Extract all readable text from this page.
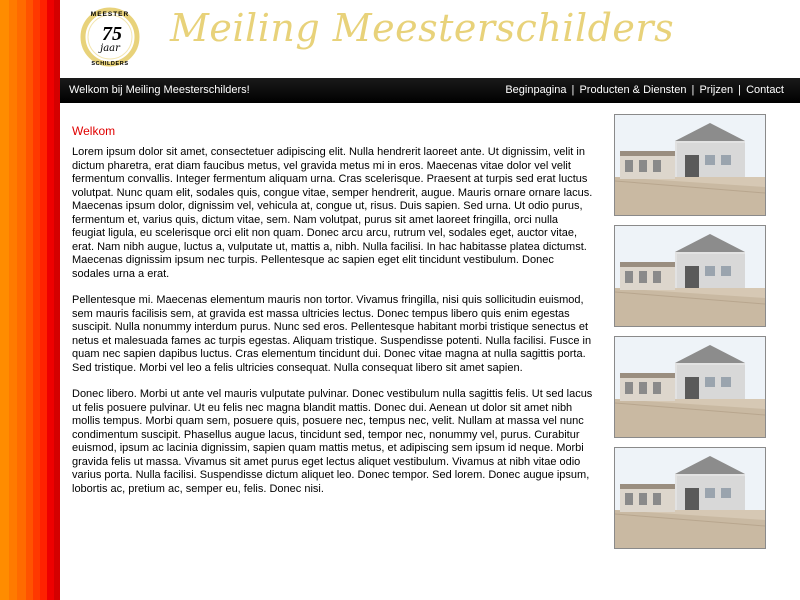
MEESTER
75
jaar
SCHILDERS
Meiling Meesterschilders
Welkom bij Meiling Meesterschilders!	Beginpagina | Producten & Diensten | Prijzen | Contact
Welkom

Lorem ipsum dolor sit amet, consectetuer adipiscing elit. Nulla hendrerit laoreet ante. Ut dignissim, velit in dictum pharetra, erat diam faucibus metus, vel gravida metus mi in eros. Maecenas vitae dolor vel velit fermentum convallis. Integer fermentum aliquam urna. Cras scelerisque. Praesent at turpis sed erat luctus volutpat. Nunc quam elit, sodales quis, congue vitae, semper hendrerit, augue. Mauris ornare ornare lacus. Maecenas ipsum dolor, dignissim vel, vehicula at, congue ut, risus. Duis sapien. Sed urna. Ut odio purus, fermentum et, varius quis, dictum vitae, sem. Nam volutpat, purus sit amet laoreet fringilla, orci nulla feugiat ligula, eu scelerisque orci elit non quam. Donec arcu arcu, rutrum vel, sodales eget, auctor vitae, erat. Nam nibh augue, luctus a, vulputate ut, mattis a, nibh. Nulla facilisi. In hac habitasse platea dictumst. Maecenas dignissim ipsum nec turpis. Pellentesque ac sapien eget elit tincidunt vestibulum. Donec sodales urna a erat.

Pellentesque mi. Maecenas elementum mauris non tortor. Vivamus fringilla, nisi quis sollicitudin euismod, sem mauris facilisis sem, at gravida est massa ultricies lectus. Donec tempus libero quis enim egestas suscipit. Nulla nonummy interdum purus. Nunc sed eros. Pellentesque habitant morbi tristique senectus et netus et malesuada fames ac turpis egestas. Aliquam tristique. Suspendisse potenti. Nulla facilisi. Fusce in quam nec sapien dapibus luctus. Cras elementum tincidunt dui. Donec vitae magna at nulla sagittis porta. Sed tristique. Morbi vel leo a felis ultricies consequat. Nulla consequat libero sit amet sapien.

Donec libero. Morbi ut ante vel mauris vulputate pulvinar. Donec vestibulum nulla sagittis felis. Ut sed lacus ut felis posuere pulvinar. Ut eu felis nec magna blandit mattis. Donec dui. Aenean ut dolor sit amet nibh mollis tempus. Morbi quam sem, posuere quis, posuere nec, tempus nec, velit. Nullam at massa vel nunc condimentum suscipit. Phasellus augue lacus, tincidunt sed, tempor nec, nonummy vel, purus. Curabitur euismod, ipsum ac lacinia dignissim, sapien quam mattis metus, et adipiscing sem ipsum id neque. Morbi gravida felis ut massa. Vivamus sit amet purus eget lectus aliquet vestibulum. Vivamus at nibh vitae odio varius porta. Nulla facilisi. Suspendisse dictum aliquet leo. Donec tempor. Sed lorem. Donec augue ipsum, lobortis ac, pretium ac, semper eu, felis. Donec nisi.
